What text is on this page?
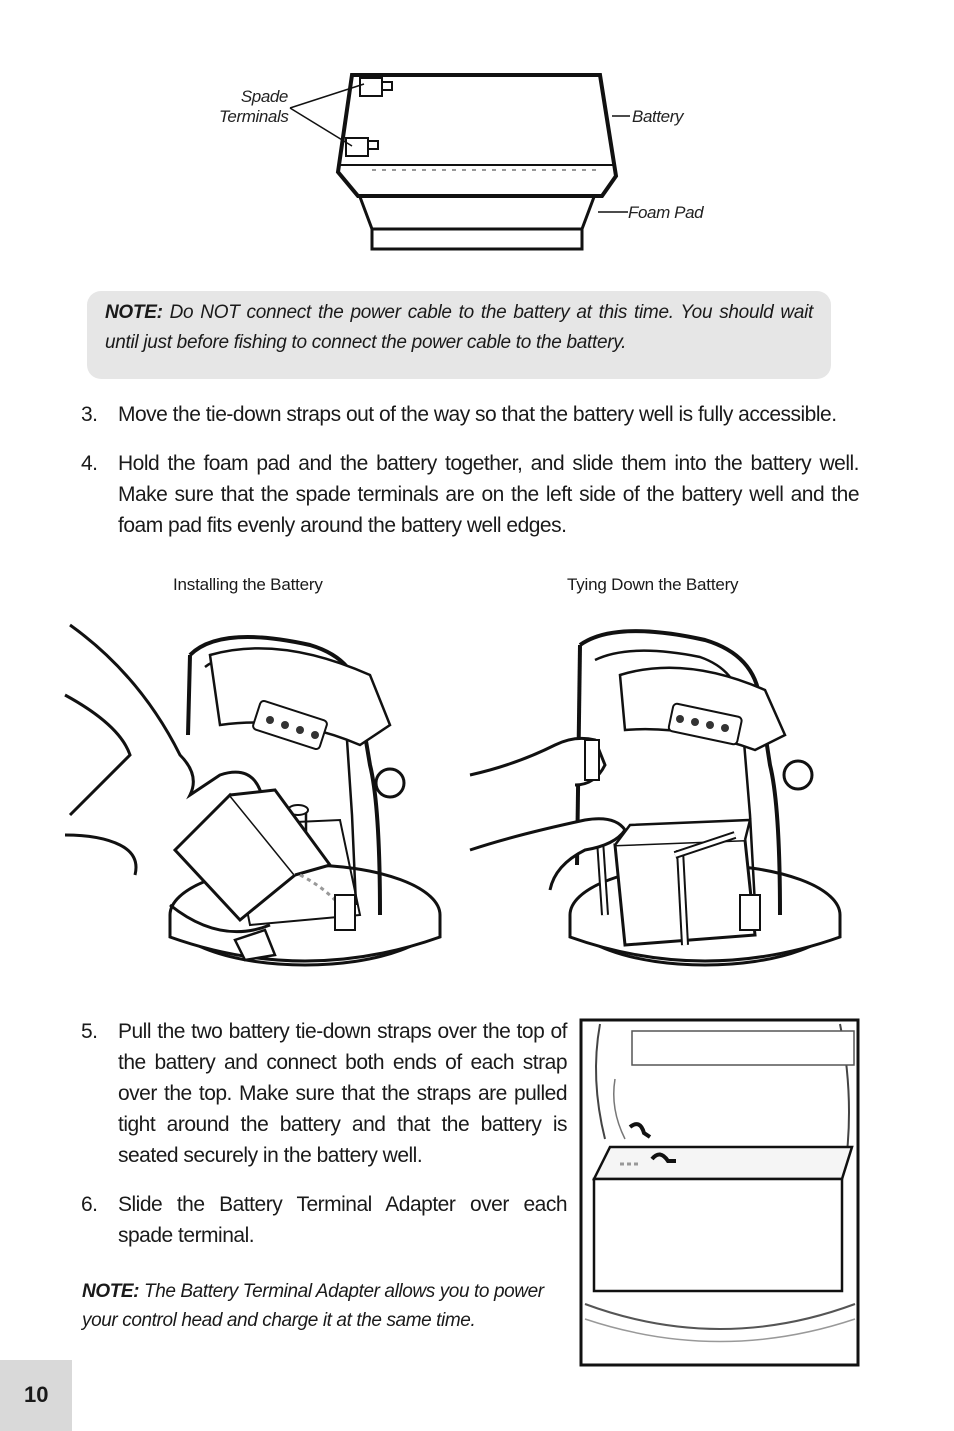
Spade

Terminals	Battery
Foam Pad
NOTE: Do NOT connect the power cable to the battery at this time. You should wait until just before fishing to connect the power cable to the battery.
3. Move the tie-down straps out of the way so that the battery well is fully accessible.
4. Hold the foam pad and the battery together, and slide them into the battery well. Make sure that the spade terminals are on the left side of the battery well and the foam pad fits evenly around the battery well edges.
Installing the Battery	Tying Down the Battery
5. Pull the two battery tie-down straps over the top of the battery and connect both ends of each strap over the top. Make sure that the straps are pulled tight around the battery and that the battery is seated securely in the battery well.
6. Slide the Battery Terminal Adapter over each spade terminal.
NOTE: The Battery Terminal Adapter allows you to power your control head and charge it at the same time.
10
